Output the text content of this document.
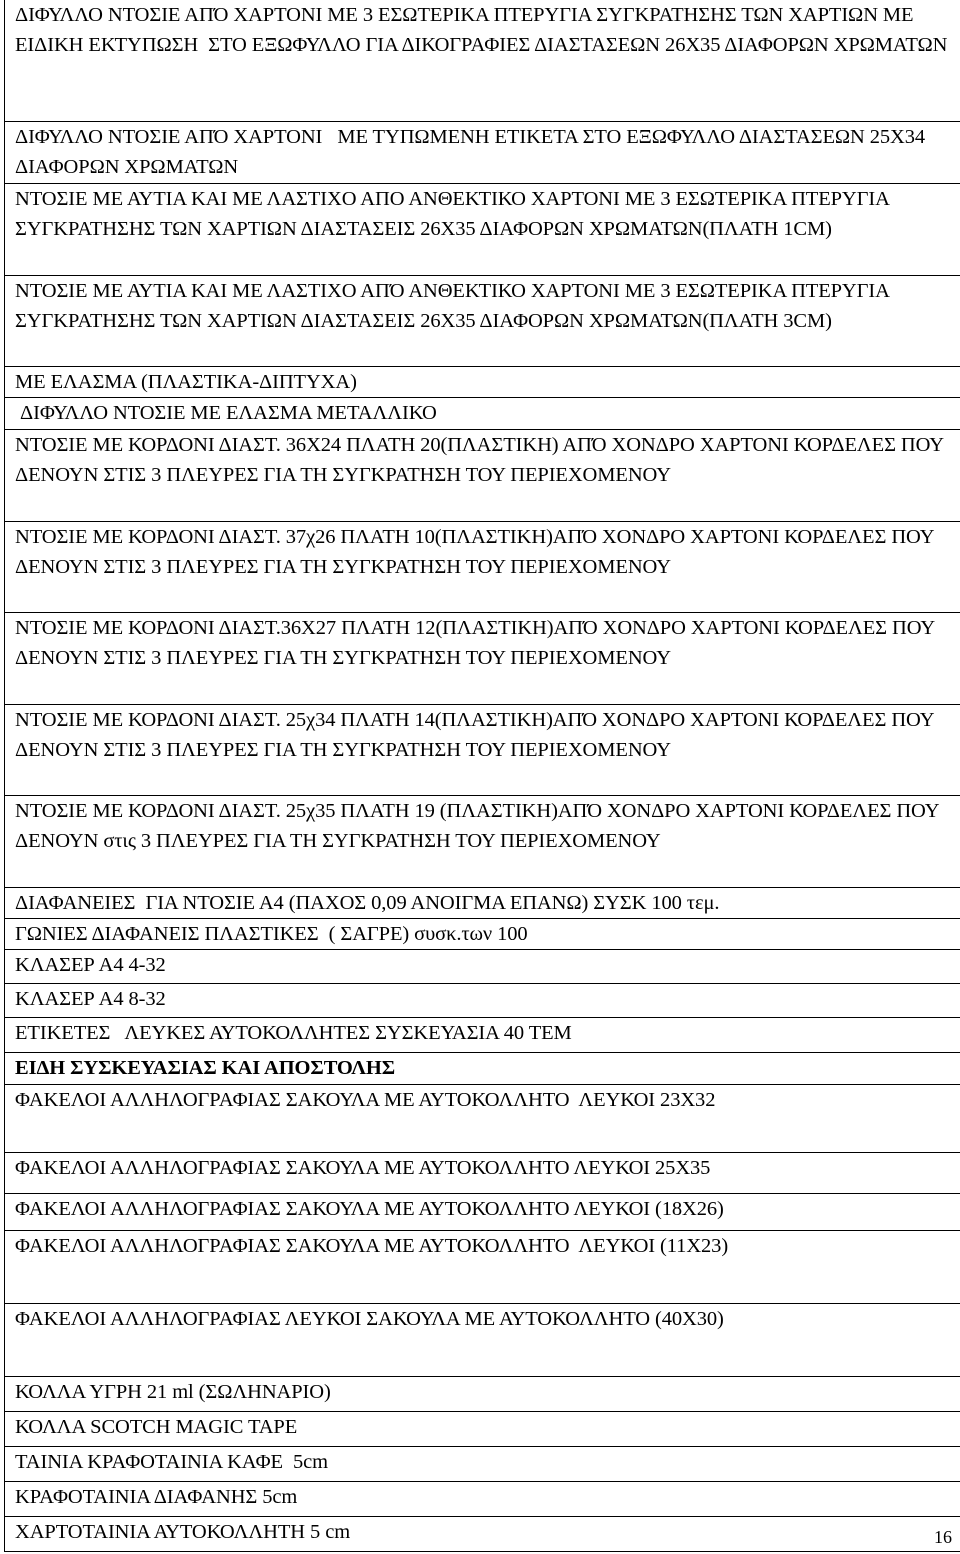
ΔΙΦΥΛΛΟ ΝΤΟΣΙΕ ΑΠΌ ΧΑΡΤΟΝΙ ΜΕ 3 ΕΣΩΤΕΡΙΚΑ ΠΤΕΡΥΓΙΑ ΣΥΓΚΡΑΤΗΣΗΣ ΤΩΝ ΧΑΡΤΙΩΝ ΜΕ ΕΙΔΙΚΗ ΕΚΤΥΠΩΣΗ  ΣΤΟ ΕΞΩΦΥΛΛΟ ΓΙΑ ΔΙΚΟΓΡΑΦΙΕΣ ΔΙΑΣΤΑΣΕΩΝ 26Χ35 ΔΙΑΦΟΡΩΝ ΧΡΩΜΑΤΩΝ
ΔΙΦΥΛΛΟ ΝΤΟΣΙΕ ΑΠΌ ΧΑΡΤΟΝΙ   ΜΕ ΤΥΠΩΜΕΝΗ ΕΤΙΚΕΤΑ ΣΤΟ ΕΞΩΦΥΛΛΟ ΔΙΑΣΤΑΣΕΩΝ 25Χ34 ΔΙΑΦΟΡΩΝ ΧΡΩΜΑΤΩΝ
ΝΤΟΣΙΕ ΜΕ ΑΥΤΙΑ ΚΑΙ ΜΕ ΛΑΣΤΙΧΟ ΑΠΟ ΑΝΘΕΚΤΙΚΟ ΧΑΡΤΟΝΙ ΜΕ 3 ΕΣΩΤΕΡΙΚΑ ΠΤΕΡΥΓΙΑ ΣΥΓΚΡΑΤΗΣΗΣ ΤΩΝ ΧΑΡΤΙΩΝ ΔΙΑΣΤΑΣΕΙΣ 26Χ35 ΔΙΑΦΟΡΩΝ ΧΡΩΜΑΤΩΝ(ΠΛΑΤΗ 1CM)
ΝΤΟΣΙΕ ΜΕ ΑΥΤΙΑ ΚΑΙ ΜΕ ΛΑΣΤΙΧΟ ΑΠΌ ΑΝΘΕΚΤΙΚΟ ΧΑΡΤΟΝΙ ΜΕ 3 ΕΣΩΤΕΡΙΚΑ ΠΤΕΡΥΓΙΑ ΣΥΓΚΡΑΤΗΣΗΣ ΤΩΝ ΧΑΡΤΙΩΝ ΔΙΑΣΤΑΣΕΙΣ 26Χ35 ΔΙΑΦΟΡΩΝ ΧΡΩΜΑΤΩΝ(ΠΛΑΤΗ 3CM)
ΜΕ ΕΛΑΣΜΑ (ΠΛΑΣΤΙΚΑ-ΔΙΠΤΥΧΑ)
ΔΙΦΥΛΛΟ ΝΤΟΣΙΕ ΜΕ ΕΛΑΣΜΑ ΜΕΤΑΛΛΙΚΟ
ΝΤΟΣΙΕ ΜΕ ΚΟΡΔΟΝΙ ΔΙΑΣΤ. 36Χ24 ΠΛΑΤΗ 20(ΠΛΑΣΤΙΚΗ) ΑΠΌ ΧΟΝΔΡΟ ΧΑΡΤΟΝΙ ΚΟΡΔΕΛΕΣ ΠΟΥ ΔΕΝΟΥΝ ΣΤΙΣ 3 ΠΛΕΥΡΕΣ ΓΙΑ ΤΗ ΣΥΓΚΡΑΤΗΣΗ ΤΟΥ ΠΕΡΙΕΧΟΜΕΝΟΥ
ΝΤΟΣΙΕ ΜΕ ΚΟΡΔΟΝΙ ΔΙΑΣΤ. 37χ26 ΠΛΑΤΗ 10(ΠΛΑΣΤΙΚΗ)ΑΠΌ ΧΟΝΔΡΟ ΧΑΡΤΟΝΙ ΚΟΡΔΕΛΕΣ ΠΟΥ ΔΕΝΟΥΝ ΣΤΙΣ 3 ΠΛΕΥΡΕΣ ΓΙΑ ΤΗ ΣΥΓΚΡΑΤΗΣΗ ΤΟΥ ΠΕΡΙΕΧΟΜΕΝΟΥ
ΝΤΟΣΙΕ ΜΕ ΚΟΡΔΟΝΙ ΔΙΑΣΤ.36Χ27 ΠΛΑΤΗ 12(ΠΛΑΣΤΙΚΗ)ΑΠΌ ΧΟΝΔΡΟ ΧΑΡΤΟΝΙ ΚΟΡΔΕΛΕΣ ΠΟΥ ΔΕΝΟΥΝ ΣΤΙΣ 3 ΠΛΕΥΡΕΣ ΓΙΑ ΤΗ ΣΥΓΚΡΑΤΗΣΗ ΤΟΥ ΠΕΡΙΕΧΟΜΕΝΟΥ
ΝΤΟΣΙΕ ΜΕ ΚΟΡΔΟΝΙ ΔΙΑΣΤ. 25χ34 ΠΛΑΤΗ 14(ΠΛΑΣΤΙΚΗ)ΑΠΌ ΧΟΝΔΡΟ ΧΑΡΤΟΝΙ ΚΟΡΔΕΛΕΣ ΠΟΥ ΔΕΝΟΥΝ ΣΤΙΣ 3 ΠΛΕΥΡΕΣ ΓΙΑ ΤΗ ΣΥΓΚΡΑΤΗΣΗ ΤΟΥ ΠΕΡΙΕΧΟΜΕΝΟΥ
ΝΤΟΣΙΕ ΜΕ ΚΟΡΔΟΝΙ ΔΙΑΣΤ. 25χ35 ΠΛΑΤΗ 19 (ΠΛΑΣΤΙΚΗ)ΑΠΌ ΧΟΝΔΡΟ ΧΑΡΤΟΝΙ ΚΟΡΔΕΛΕΣ ΠΟΥ ΔΕΝΟΥΝ στις 3 ΠΛΕΥΡΕΣ ΓΙΑ ΤΗ ΣΥΓΚΡΑΤΗΣΗ ΤΟΥ ΠΕΡΙΕΧΟΜΕΝΟΥ
ΔΙΑΦΑΝΕΙΕΣ  ΓΙΑ ΝΤΟΣΙΕ Α4 (ΠΑΧΟΣ 0,09 ΑΝΟΙΓΜΑ ΕΠΑΝΩ) ΣΥΣΚ 100 τεμ.
ΓΩΝΙΕΣ ΔΙΑΦΑΝΕΙΣ ΠΛΑΣΤΙΚΕΣ  ( ΣΑΓΡΕ) συσκ.των 100
ΚΛΑΣΕΡ Α4 4-32
ΚΛΑΣΕΡ Α4 8-32
ΕΤΙΚΕΤΕΣ   ΛΕΥΚΕΣ ΑΥΤΟΚΟΛΛΗΤΕΣ ΣΥΣΚΕΥΑΣΙΑ 40 ΤΕΜ
ΕΙΔΗ ΣΥΣΚΕΥΑΣΙΑΣ ΚΑΙ ΑΠΟΣΤΟΛΗΣ
ΦΑΚΕΛΟΙ ΑΛΛΗΛΟΓΡΑΦΙΑΣ ΣΑΚΟΥΛΑ ΜΕ ΑΥΤΟΚΟΛΛΗΤΟ  ΛΕΥΚΟΙ 23Χ32
ΦΑΚΕΛΟΙ ΑΛΛΗΛΟΓΡΑΦΙΑΣ ΣΑΚΟΥΛΑ ΜΕ ΑΥΤΟΚΟΛΛΗΤΟ ΛΕΥΚΟΙ 25Χ35
ΦΑΚΕΛΟΙ ΑΛΛΗΛΟΓΡΑΦΙΑΣ ΣΑΚΟΥΛΑ ΜΕ ΑΥΤΟΚΟΛΛΗΤΟ ΛΕΥΚΟΙ (18Χ26)
ΦΑΚΕΛΟΙ ΑΛΛΗΛΟΓΡΑΦΙΑΣ ΣΑΚΟΥΛΑ ΜΕ ΑΥΤΟΚΟΛΛΗΤΟ  ΛΕΥΚΟΙ (11Χ23)
ΦΑΚΕΛΟΙ ΑΛΛΗΛΟΓΡΑΦΙΑΣ ΛΕΥΚΟΙ ΣΑΚΟΥΛΑ ΜΕ ΑΥΤΟΚΟΛΛΗΤΟ (40Χ30)
ΚΟΛΛΑ ΥΓΡΗ 21 ml (ΣΩΛΗΝΑΡΙΟ)
ΚΟΛΛΑ SCOTCH MAGIC TAPE
ΤΑΙΝΙΑ ΚΡΑΦΟΤΑΙΝΙΑ ΚΑΦΕ  5cm
ΚΡΑΦΟΤΑΙΝΙΑ ΔΙΑΦΑΝΗΣ 5cm
ΧΑΡΤΟΤΑΙΝΙΑ ΑΥΤΟΚΟΛΛΗΤΗ 5 cm	16
